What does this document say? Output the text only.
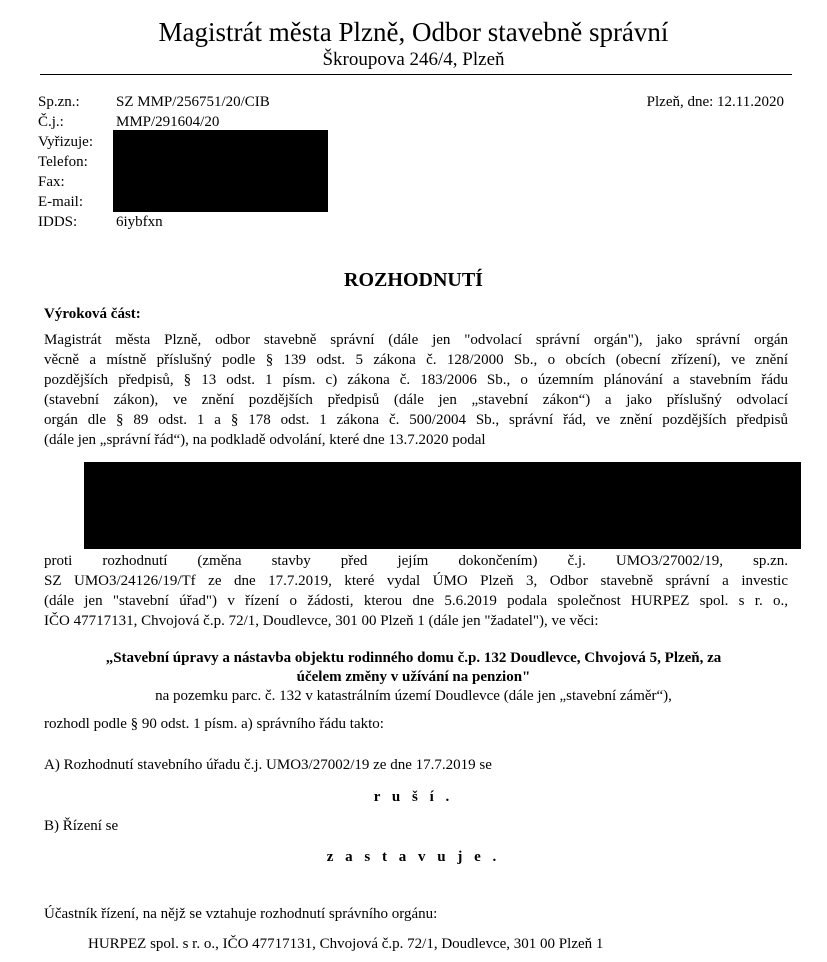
Magistrát města Plzně, Odbor stavebně správní
Škroupova 246/4, Plzeň
Sp.zn.: SZ MMP/256751/20/CIB
Č.j.:	MMP/291604/20
Vyřizuje:
Telefon:
Fax:
E-mail:
IDDS:	6iybfxn
Plzeň, dne: 12.11.2020
ROZHODNUTÍ
Výroková část:
Magistrát města Plzně, odbor stavebně správní (dále jen "odvolací správní orgán"), jako správní orgán
věcně a místně příslušný podle § 139 odst. 5 zákona č. 128/2000 Sb., o obcích (obecní zřízení), ve znění
pozdějších předpisů, § 13 odst. 1 písm. c) zákona č. 183/2006 Sb., o územním plánování a stavebním řádu
(stavební zákon), ve znění pozdějších předpisů (dále jen „stavební zákon“) a jako příslušný odvolací
orgán dle § 89 odst. 1 a § 178 odst. 1 zákona č. 500/2004 Sb., správní řád, ve znění pozdějších předpisů
(dále jen „správní řád“), na podkladě odvolání, které dne 13.7.2020 podal
proti rozhodnutí (změna stavby před jejím dokončením) č.j. UMO3/27002/19, sp.zn.
SZ UMO3/24126/19/Tf ze dne 17.7.2019, které vydal ÚMO Plzeň 3, Odbor stavebně správní a investic
(dále jen "stavební úřad") v řízení o žádosti, kterou dne 5.6.2019 podala společnost HURPEZ spol. s r. o.,
IČO 47717131, Chvojová č.p. 72/1, Doudlevce, 301 00 Plzeň 1 (dále jen "žadatel"), ve věci:
„Stavební úpravy a nástavba objektu rodinného domu č.p. 132 Doudlevce, Chvojová 5, Plzeň, za
účelem změny v užívání na penzion"
na pozemku parc. č. 132 v katastrálním území Doudlevce (dále jen „stavební záměr“),
rozhodl podle § 90 odst. 1 písm. a) správního řádu takto:
A) Rozhodnutí stavebního úřadu č.j. UMO3/27002/19 ze dne 17.7.2019 se
r u š í .
B) Řízení se
z a s t a v u j e .
Účastník řízení, na nějž se vztahuje rozhodnutí správního orgánu:
HURPEZ spol. s r. o., IČO 47717131, Chvojová č.p. 72/1, Doudlevce, 301 00 Plzeň 1
